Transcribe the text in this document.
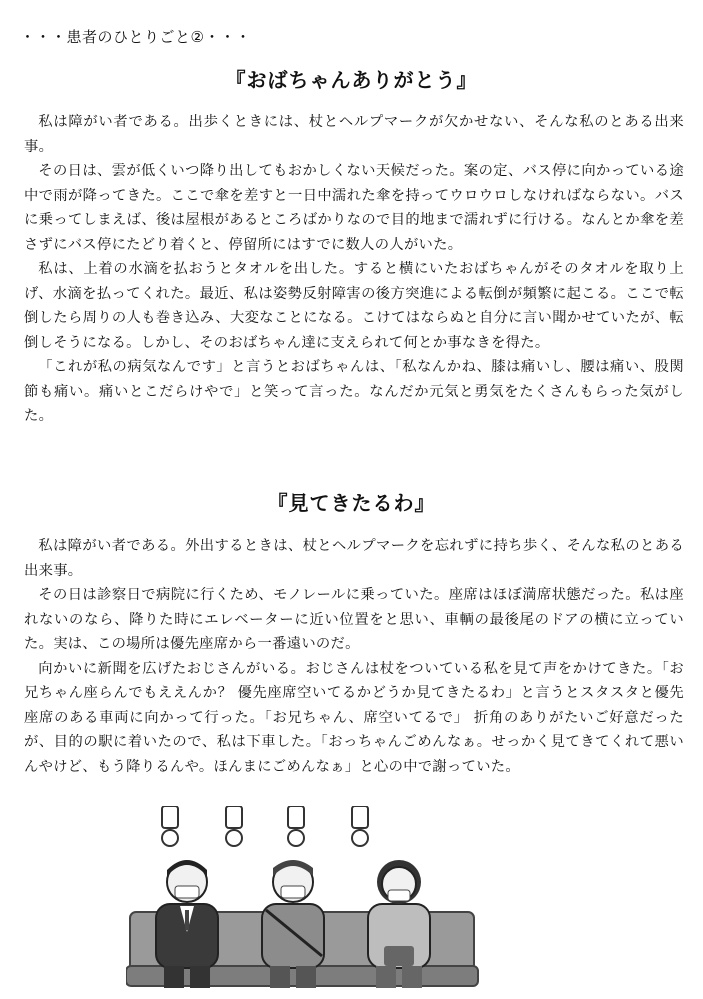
・・・患者のひとりごと②・・・
『おばちゃんありがとう』

私は障がい者である。出歩くときには、杖とヘルプマークが欠かせない、そんな私のとある出来事。

その日は、雲が低くいつ降り出してもおかしくない天候だった。案の定、バス停に向かっている途中で雨が降ってきた。ここで傘を差すと一日中濡れた傘を持ってウロウロしなければならない。バスに乗ってしまえば、後は屋根があるところばかりなので目的地まで濡れずに行ける。なんとか傘を差さずにバス停にたどり着くと、停留所にはすでに数人の人がいた。

私は、上着の水滴を払おうとタオルを出した。すると横にいたおばちゃんがそのタオルを取り上げ、水滴を払ってくれた。最近、私は姿勢反射障害の後方突進による転倒が頻繁に起こる。ここで転倒したら周りの人も巻き込み、大変なことになる。こけてはならぬと自分に言い聞かせていたが、転倒しそうになる。しかし、そのおばちゃん達に支えられて何とか事なきを得た。

「これが私の病気なんです」と言うとおばちゃんは、「私なんかね、膝は痛いし、腰は痛い、股関節も痛い。痛いとこだらけやで」と笑って言った。なんだか元気と勇気をたくさんもらった気がした。

『見てきたるわ』

私は障がい者である。外出するときは、杖とヘルプマークを忘れずに持ち歩く、そんな私のとある出来事。

その日は診察日で病院に行くため、モノレールに乗っていた。座席はほぼ満席状態だった。私は座れないのなら、降りた時にエレベーターに近い位置をと思い、車輌の最後尾のドアの横に立っていた。実は、この場所は優先座席から一番遠いのだ。

向かいに新聞を広げたおじさんがいる。おじさんは杖をついている私を見て声をかけてきた。「お兄ちゃん座らんでもええんか？ 優先座席空いてるかどうか見てきたるわ」と言うとスタスタと優先座席のある車両に向かって行った。「お兄ちゃん、席空いてるで」 折角のありがたいご好意だったが、目的の駅に着いたので、私は下車した。「おっちゃんごめんなぁ。せっかく見てきてくれて悪いんやけど、もう降りるんや。ほんまにごめんなぁ」と心の中で謝っていた。
